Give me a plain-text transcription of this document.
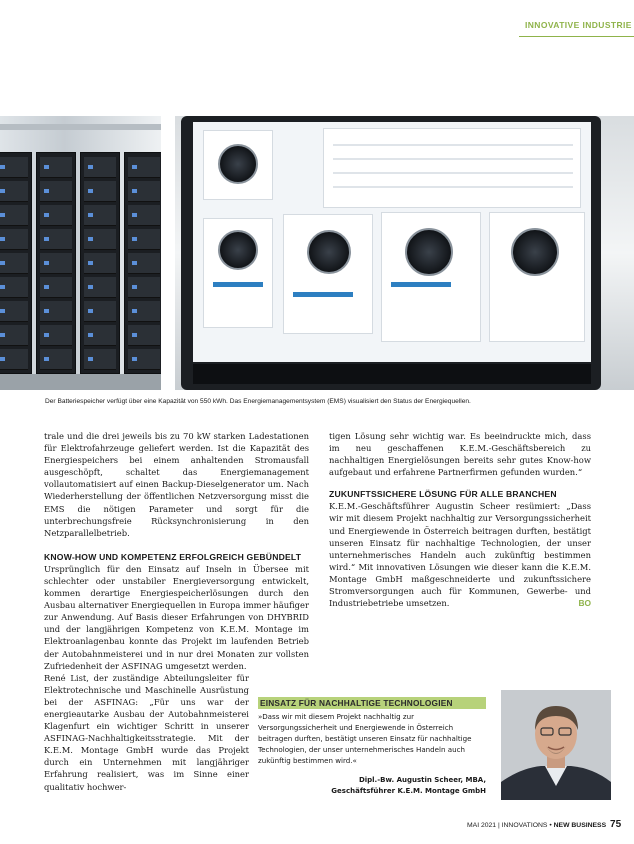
INNOVATIVE INDUSTRIE
Der Batteriespeicher verfügt über eine Kapazität von 550 kWh. Das Energiemanagementsystem (EMS) visualisiert den Status der Energiequellen.

trale und die drei jeweils bis zu 70 kW starken Ladestationen für Elektrofahrzeuge geliefert werden. Ist die Kapazität des Energiespeichers bei einem anhaltenden Stromausfall ausgeschöpft, schaltet das Energiemanagement vollautomatisiert auf einen Backup-Dieselgenerator um. Nach Wiederherstellung der öffentlichen Netzversorgung misst die EMS die nötigen Parameter und sorgt für die unterbrechungsfreie Rücksynchronisierung in den Netzparallelbetrieb.

KNOW-HOW UND KOMPETENZ ERFOLGREICH GEBÜNDELT

Ursprünglich für den Einsatz auf Inseln in Übersee mit schlechter oder unstabiler Energieversorgung entwickelt, kommen derartige Energiespeicherlösungen durch den Ausbau alternativer Energiequellen in Europa immer häufiger zur Anwendung. Auf Basis dieser Erfahrungen von DHYBRID und der langjährigen Kompetenz von K.E.M. Montage im Elektroanlagenbau konnte das Projekt im laufenden Betrieb der Autobahnmeisterei und in nur drei Monaten zur vollsten Zufriedenheit der ASFINAG umgesetzt werden.

René List, der zuständige Abteilungsleiter für Elektrotechnische und Maschinelle Ausrüstung bei der ASFINAG: „Für uns war der energieautarke Ausbau der Autobahnmeisterei Klagenfurt ein wichtiger Schritt in unserer ASFINAG-Nachhaltigkeitsstrategie. Mit der K.E.M. Montage GmbH wurde das Projekt durch ein Unternehmen mit langjähriger Erfahrung realisiert, was im Sinne einer qualitativ hochwer-

tigen Lösung sehr wichtig war. Es beeindruckte mich, dass im neu geschaffenen K.E.M.-Geschäftsbereich zu nachhaltigen Energielösungen bereits sehr gutes Know-how aufgebaut und erfahrene Partnerfirmen gefunden wurden.“

ZUKUNFTSSICHERE LÖSUNG FÜR ALLE BRANCHEN

K.E.M.-Geschäftsführer Augustin Scheer resümiert: „Dass wir mit diesem Projekt nachhaltig zur Versorgungssicherheit und Energiewende in Österreich beitragen durften, bestätigt unseren Einsatz für nachhaltige Technologien, der unser unternehmerisches Handeln auch zukünftig bestimmen wird.“ Mit innovativen Lösungen wie dieser kann die K.E.M. Montage GmbH maßgeschneiderte und zukunftssichere Stromversorgungen auch für Kommunen, Gewerbe- und Industriebetriebe umsetzen.	BO

EINSATZ FÜR NACHHALTIGE TECHNOLOGIEN
»Dass wir mit diesem Projekt nachhaltig zur Versorgungssicherheit und Energiewende in Österreich beitragen durften, bestätigt unseren Einsatz für nachhaltige Technologien, der unser unternehmerisches Handeln auch zukünftig bestimmen wird.«
Dipl.-Bw. Augustin Scheer, MBA,
Geschäftsführer K.E.M. Montage GmbH
MAI 2021 | INNOVATIONS • NEW BUSINESS 75
